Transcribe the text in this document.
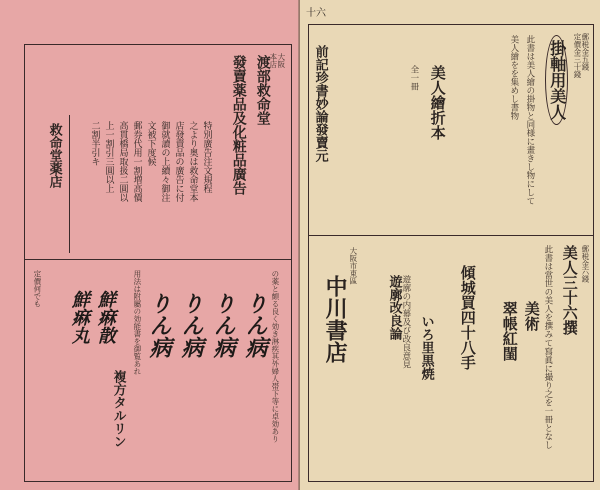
渡部救命堂
發賣薬品及化粧品廣告	大阪
本店
特別廣告注文規程
之より奥は救命堂本
店發賣品の廣告に付
御就讀の上續々御注
文被下度候
郵券代用一割増高價
高貫橋局取扱二圓以
上一割引三圓以上
二割半引キ
救命堂薬店
りん病
りん病
りん病
りん病	の薬と頗る良く効き淋疾其外婦人帯下等に卓効あり
用法は附屬の効能書を御覧あれ
鮮痳散
鮮痳丸
複方タルリン
定價何でも
十六
掛軸用美人 定價金三十錢 郵税金五錢
此書は美人繪の掛物と同様に畫きし物にして
美人繪をを集めし書物
美人繪折本
全一冊
前記珍書妙論發賣元
美人三十六撰 郵税金六錢
此書は當世の美人を撰みて寫眞に撮り之を一冊となし
美術
翠帳紅閨
傾城買四十八手
いろ里黒焼
遊廓改良論 遊廓の内幕及び改良意見
中川書店
大阪市東區
